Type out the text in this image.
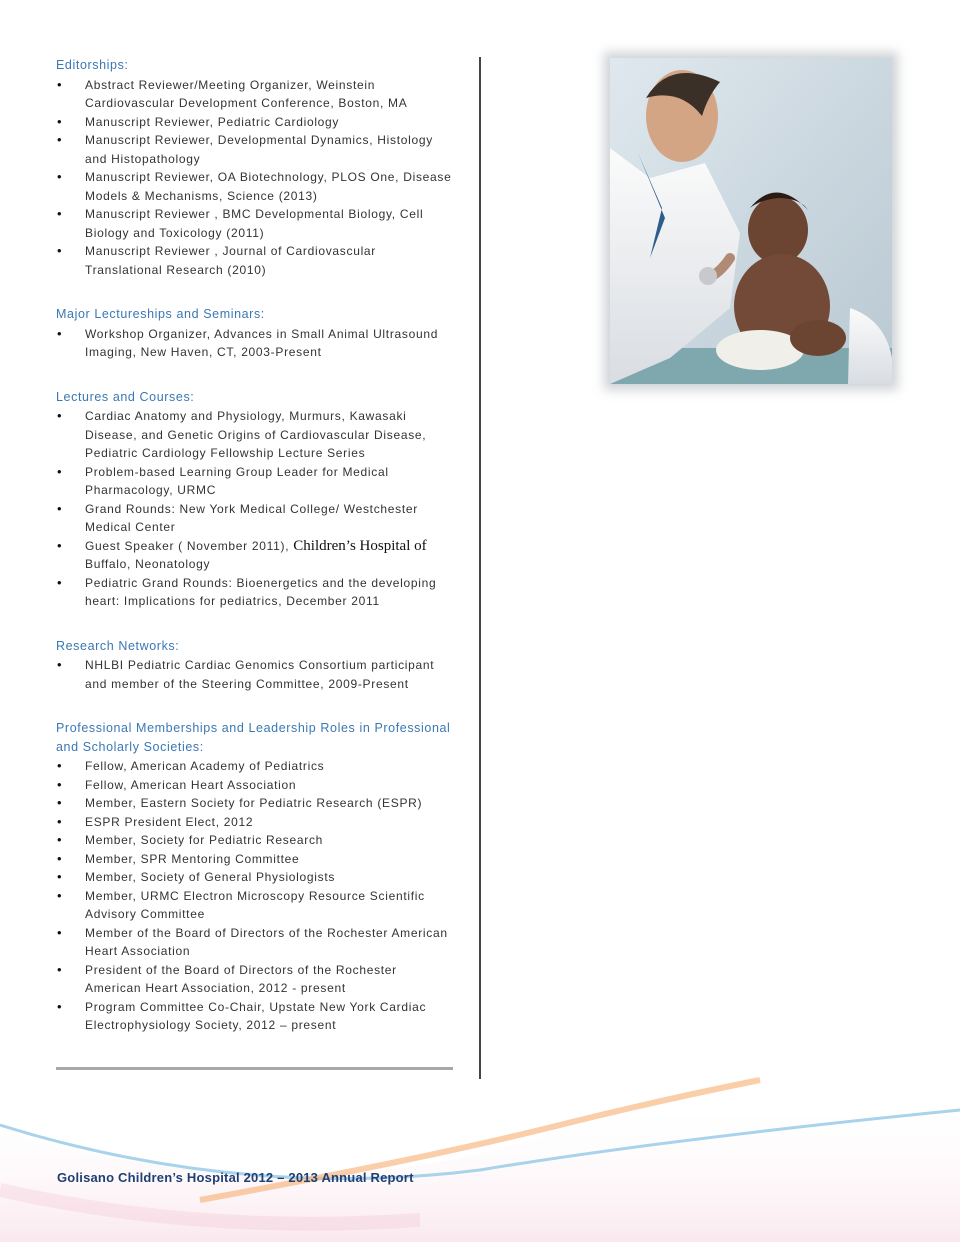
Editorships:
• Abstract Reviewer/Meeting Organizer, Weinstein Cardiovascular Development Conference, Boston, MA
• Manuscript Reviewer, Pediatric Cardiology
• Manuscript Reviewer, Developmental Dynamics, Histology and Histopathology
• Manuscript Reviewer, OA Biotechnology, PLOS One, Disease Models & Mechanisms, Science (2013)
• Manuscript Reviewer , BMC Developmental Biology, Cell Biology and Toxicology (2011)
• Manuscript Reviewer , Journal of Cardiovascular Translational Research (2010)
Major Lectureships and Seminars:
• Workshop Organizer, Advances in Small Animal Ultrasound Imaging, New Haven, CT, 2003-Present
Lectures and Courses:
• Cardiac Anatomy and Physiology, Murmurs, Kawasaki Disease, and Genetic Origins of Cardiovascular Disease, Pediatric Cardiology Fellowship Lecture Series
• Problem-based Learning Group Leader for Medical Pharmacology, URMC
• Grand Rounds: New York Medical College/ Westchester Medical Center
• Guest Speaker ( November 2011), Children’s Hospital of
Buffalo, Neonatology
• Pediatric Grand Rounds: Bioenergetics and the developing heart: Implications for pediatrics, December 2011
Research Networks:
• NHLBI Pediatric Cardiac Genomics Consortium participant and member of the Steering Committee, 2009-Present
Professional Memberships and Leadership Roles in Professional and Scholarly Societies:
• Fellow, American Academy of Pediatrics
• Fellow, American Heart Association
• Member, Eastern Society for Pediatric Research (ESPR)
• ESPR President Elect, 2012
• Member, Society for Pediatric Research
• Member, SPR Mentoring Committee
• Member, Society of General Physiologists
• Member, URMC Electron Microscopy Resource Scientific Advisory Committee
• Member of the Board of Directors of the Rochester American Heart Association
• President of the Board of Directors of the Rochester American Heart Association, 2012 - present
• Program Committee Co-Chair, Upstate New York Cardiac Electrophysiology Society, 2012 – present
Golisano Children’s Hospital 2012 – 2013 Annual Report
